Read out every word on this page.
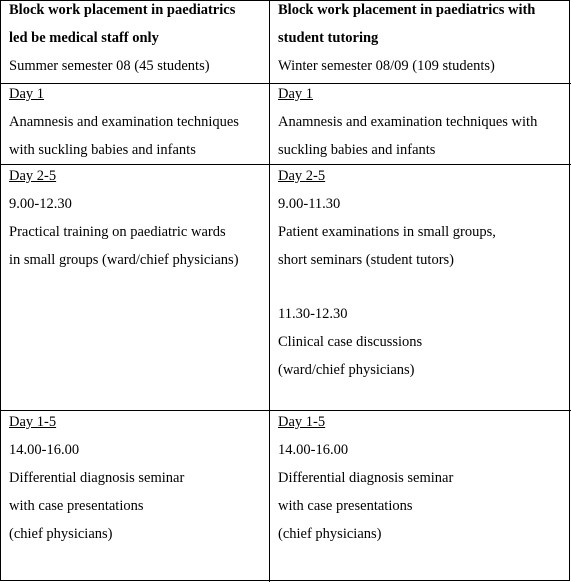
Block work placement in paediatrics
led be medical staff only
Summer semester 08 (45 students)
Block work placement in paediatrics with
student tutoring
Winter semester 08/09 (109 students)
Day 1
Anamnesis and examination techniques
with suckling babies and infants
Day 1
Anamnesis and examination techniques with
suckling babies and infants
Day 2-5
9.00-12.30
Practical training on paediatric wards
in small groups (ward/chief physicians)
Day 2-5
9.00-11.30
Patient examinations in small groups,
short seminars (student tutors)
11.30-12.30
Clinical case discussions
(ward/chief physicians)
Day 1-5
14.00-16.00
Differential diagnosis seminar
with case presentations
(chief physicians)
Day 1-5
14.00-16.00
Differential diagnosis seminar
with case presentations
(chief physicians)
